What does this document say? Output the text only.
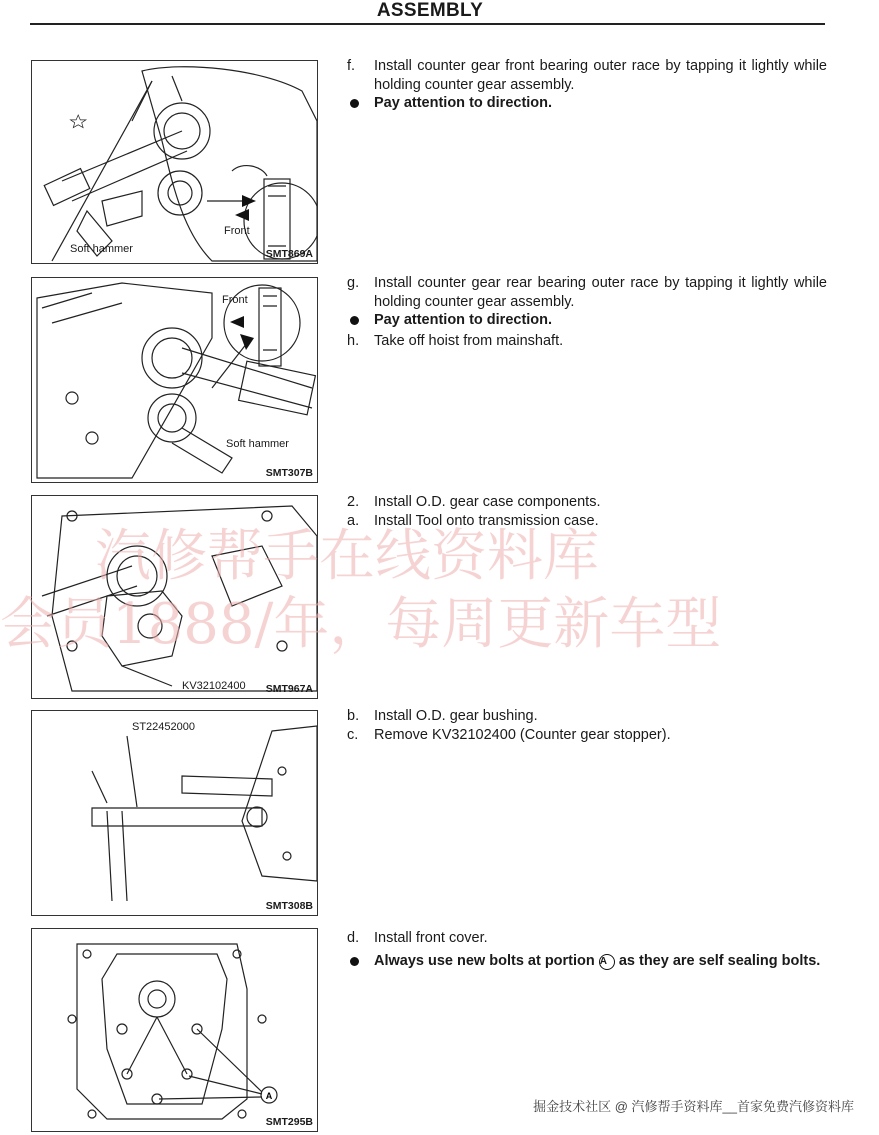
ASSEMBLY
Soft hammer
Front
SMT869A
Front
Soft hammer
SMT307B
KV32102400 SMT967A
ST22452000
SMT308B
A
SMT295B
f. Install counter gear front bearing outer race by tapping it lightly while holding counter gear assembly.
Pay attention to direction.
g. Install counter gear rear bearing outer race by tapping it lightly while holding counter gear assembly.
Pay attention to direction.
h. Take off hoist from mainshaft.
2. Install O.D. gear case components.
a. Install Tool onto transmission case.
b. Install O.D. gear bushing.
c. Remove KV32102400 (Counter gear stopper).
d. Install front cover.
Always use new bolts at portion A as they are self sealing bolts.
汽修帮手在线资料库
会员1888/年，每周更新车型
掘金技术社区 @ 汽修帮手资料库__首家免费汽修资料库
